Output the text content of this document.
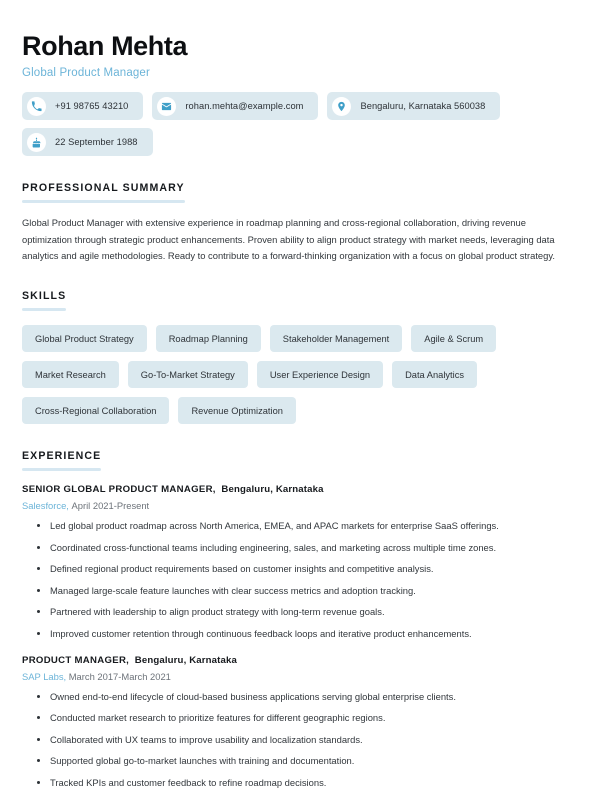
Rohan Mehta
Global Product Manager
+91 98765 43210	rohan.mehta@example.com	Bengaluru, Karnataka 560038
22 September 1988
PROFESSIONAL SUMMARY

Global Product Manager with extensive experience in roadmap planning and cross-regional collaboration, driving revenue optimization through strategic product enhancements. Proven ability to align product strategy with market needs, leveraging data analytics and agile methodologies. Ready to contribute to a forward-thinking organization with a focus on global product strategy.

SKILLS
Global Product Strategy	Roadmap Planning	Stakeholder Management	Agile & Scrum
Market Research	Go-To-Market Strategy	User Experience Design	Data Analytics
Cross-Regional Collaboration	Revenue Optimization
EXPERIENCE
SENIOR GLOBAL PRODUCT MANAGER, Bengaluru, Karnataka
Salesforce, April 2021-Present
Led global product roadmap across North America, EMEA, and APAC markets for enterprise SaaS offerings.
Coordinated cross-functional teams including engineering, sales, and marketing across multiple time zones.
Defined regional product requirements based on customer insights and competitive analysis.
Managed large-scale feature launches with clear success metrics and adoption tracking.
Partnered with leadership to align product strategy with long-term revenue goals.
Improved customer retention through continuous feedback loops and iterative product enhancements.
PRODUCT MANAGER, Bengaluru, Karnataka
SAP Labs, March 2017-March 2021
Owned end-to-end lifecycle of cloud-based business applications serving global enterprise clients.
Conducted market research to prioritize features for different geographic regions.
Collaborated with UX teams to improve usability and localization standards.
Supported global go-to-market launches with training and documentation.
Tracked KPIs and customer feedback to refine roadmap decisions.
